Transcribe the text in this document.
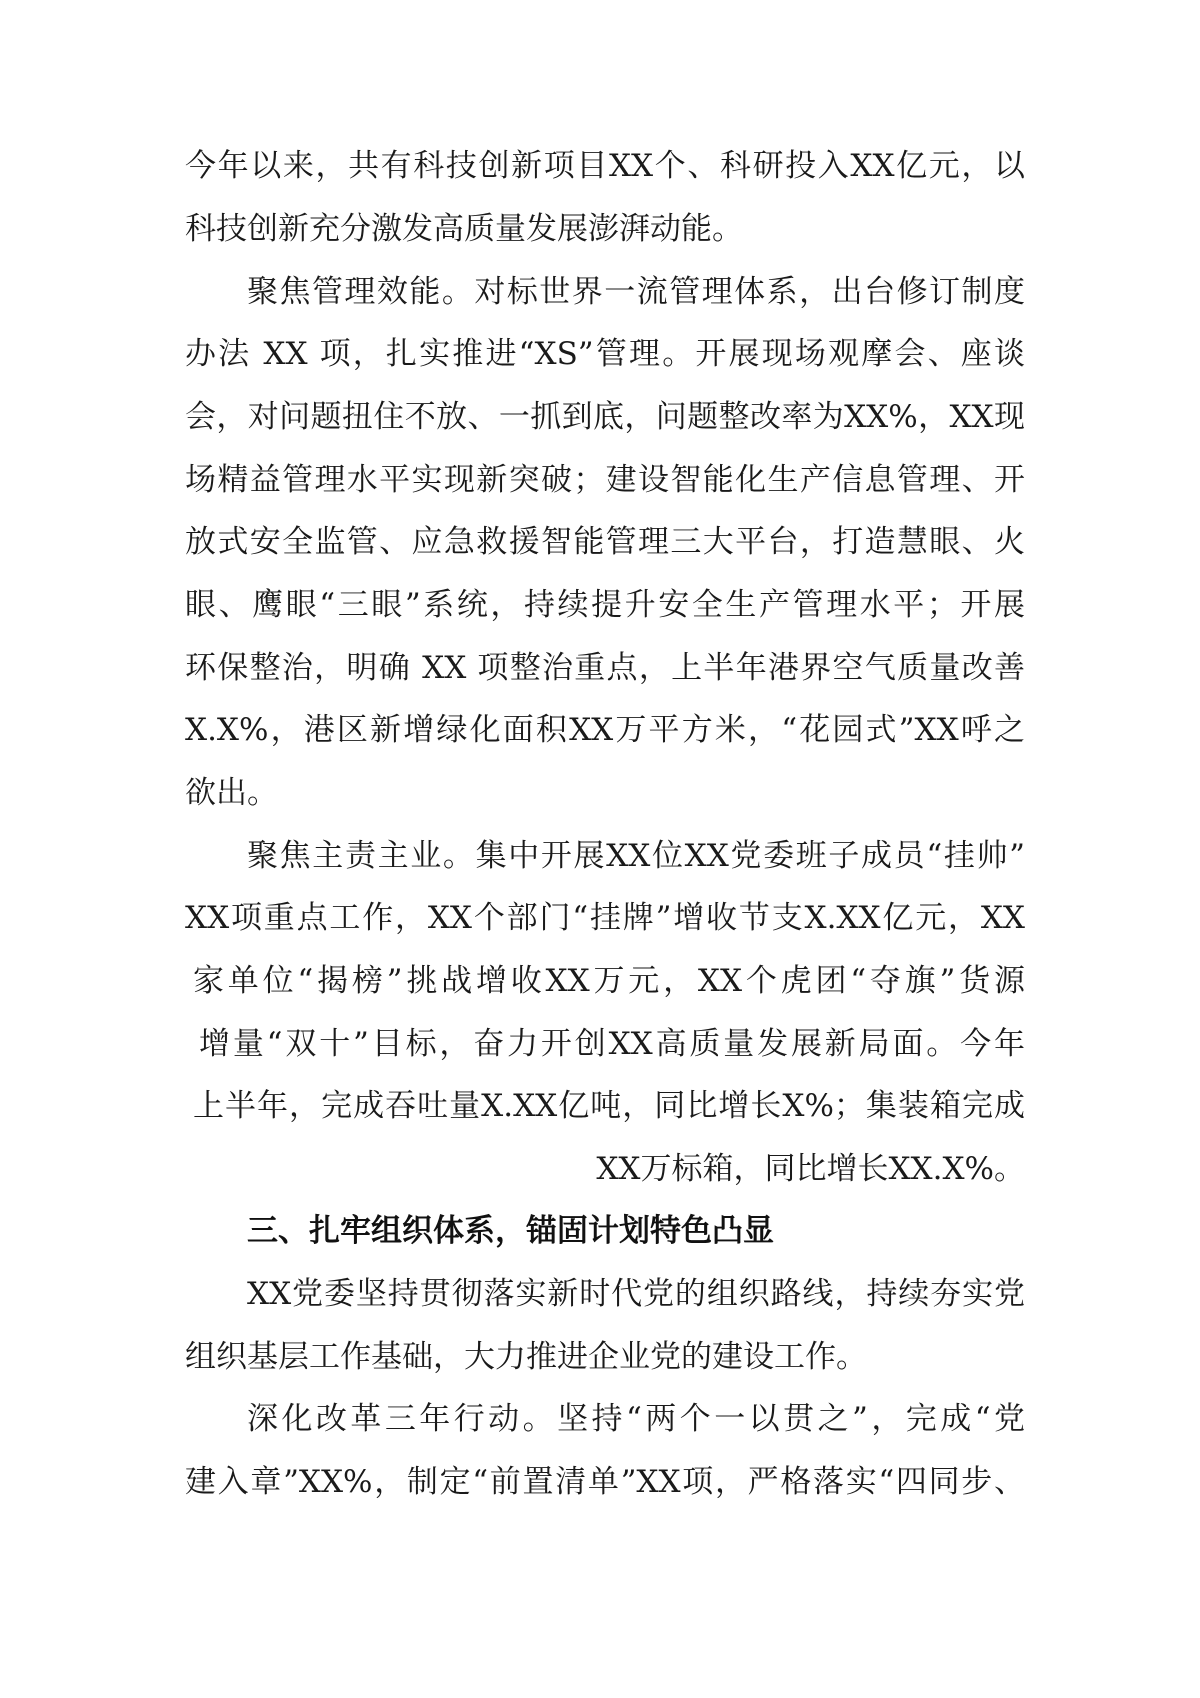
今年以来，共有科技创新项目XX个、科研投入XX亿元，以
科技创新充分激发高质量发展澎湃动能。
聚焦管理效能。对标世界一流管理体系，出台修订制度
办法 XX 项，扎实推进“XS”管理。开展现场观摩会、座谈
会，对问题扭住不放、一抓到底，问题整改率为XX%，XX现
场精益管理水平实现新突破；建设智能化生产信息管理、开
放式安全监管、应急救援智能管理三大平台，打造慧眼、火
眼、鹰眼“三眼”系统，持续提升安全生产管理水平；开展
环保整治，明确 XX 项整治重点，上半年港界空气质量改善
X.X%，港区新增绿化面积XX万平方米，“花园式”XX呼之
欲出。
聚焦主责主业。集中开展XX位XX党委班子成员“挂帅”
XX项重点工作，XX个部门“挂牌”增收节支X.XX亿元，XX
家单位“揭榜”挑战增收XX万元，XX个虎团“夺旗”货源
增量“双十”目标，奋力开创XX高质量发展新局面。今年
上半年，完成吞吐量X.XX亿吨，同比增长X%；集装箱完成
XX万标箱，同比增长XX.X%。
三、扎牢组织体系，锚固计划特色凸显
XX党委坚持贯彻落实新时代党的组织路线，持续夯实党
组织基层工作基础，大力推进企业党的建设工作。
深化改革三年行动。坚持“两个一以贯之”，完成“党
建入章”XX%，制定“前置清单”XX项，严格落实“四同步、
